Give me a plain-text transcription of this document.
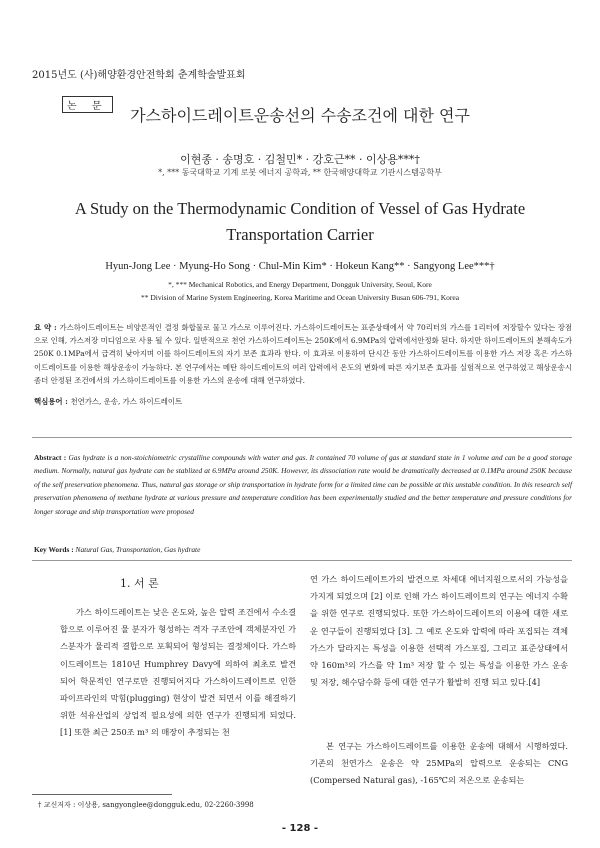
2015년도 (사)해양환경안전학회 춘계학술발표회
논 문	가스하이드레이트운송선의 수송조건에 대한 연구
이현종 · 송명호 · 김철민* · 강호근** · 이상용***†
*, *** 동국대학교 기계 로봇 에너지 공학과, ** 한국해양대학교 기관시스템공학부
A Study on the Thermodynamic Condition of Vessel of Gas Hydrate
Transportation Carrier
Hyun-Jong Lee · Myung-Ho Song · Chul-Min Kim* · Hokeun Kang** · Sangyong Lee***†
*, *** Mechanical Robotics, and Energy Department, Dongguk University, Seoul, Kore
** Division of Marine System Engineering, Korea Maritime and Ocean University Busan 606-791, Korea
요 약 : 가스하이드레이트는 비양론적인 결정 화합물로 물고 가스로 이루어진다. 가스하이드레이트는 표준상태에서 약 70리터의 가스를 1리터에 저장할수 있다는 장점으로 인해, 가스저장 미디엄으로 사용 될 수 있다. 일반적으로 천연 가스하이드레이트는 250K에서 6.9MPa의 압력에서안정화 된다. 하지만 하이드레이트의 분해속도가 250K 0.1MPa에서 급격히 낮아지며 이를 하이드레이트의 자기 보존 효과라 한다. 이 효과로 이용하여 단시간 동안 가스하이드레이트를 이용한 가스 저장 혹은 가스하이드레이트를 이용한 해상운송이 가능하다. 본 연구에서는 메탄 하이드레이트의 여러 압력에서 온도의 변화에 따른 자기보존 효과를 실험적으로 연구하였고 해상운송시 좀더 안정된 조건에서의 가스하이드레이트를 이용한 가스의 운송에 대해 연구하였다.
핵심용어 : 천연가스, 운송, 가스 하이드레이트
Abstract : Gas hydrate is a non-stoichiometric crystalline compounds with water and gas. It contained 70 volume of gas at standard state in 1 volume and can be a good storage medium. Normally, natural gas hydrate can be stablized at 6.9MPa around 250K. However, its dissociation rate would be dramatically decreased at 0.1MPa around 250K because of the self preservation phenomena. Thus, natural gas storage or ship transportation in hydrate form for a limited time can be possible at this unstable condition. In this research self preservation phenomena of methane hydrate at various pressure and temperature condition has been experimentally studied and the better temperature and pressure conditions for longer storage and ship transportation were proposed
Key Words : Natural Gas, Transportation, Gas hydrate
1. 서 론
가스 하이드레이트는 낮은 온도와, 높은 압력 조건에서 수소결합으로 이루어진 물 분자가 형성하는 격자 구조안에 객체분자인 가스분자가 물리적 결합으로 포획되어 형성되는 결정체이다. 가스하이드레이트는 1810년 Humphrey Davy에 의하여 최초로 발견 되어 학문적인 연구로만 진행되어지다 가스하이드레이트로 인한 파이프라인의 막힘(plugging) 현상이 발견 되면서 이를 해결하기 위한 석유산업의 상업적 필요성에 의한 연구가 진행되게 되었다.[1] 또한 최근 250조 m³ 의 매장이 추정되는 천
연 가스 하이드레이트가의 발견으로 차세대 에너지원으로서의 가능성을 가지게 되었으며 [2] 이로 인해 가스 하이드레이트의 연구는 에너지 수확을 위한 연구로 진행되었다. 또한 가스하이드레이트의 이용에 대한 새로운 연구들이 진행되었다 [3]. 그 예로 온도와 압력에 따라 포집되는 객체가스가 달라지는 특성을 이용한 선택적 가스포집, 그리고 표준상태에서 약 160m³의 가스를 약 1m³ 저장 할 수 있는 특성을 이용한 가스 운송 및 저장, 해수담수화 등에 대한 연구가 활발히 진행 되고 있다.[4]
본 연구는 가스하이드레이트를 이용한 운송에 대해서 시행하였다. 기존의 천연가스 운송은 약 25MPa의 압력으로 운송되는 CNG (Compersed Natural gas), -165℃의 저온으로 운송되는
† 교신저자 : 이상용, sangyonglee@dongguk.edu, 02-2260-3998
- 128 -
